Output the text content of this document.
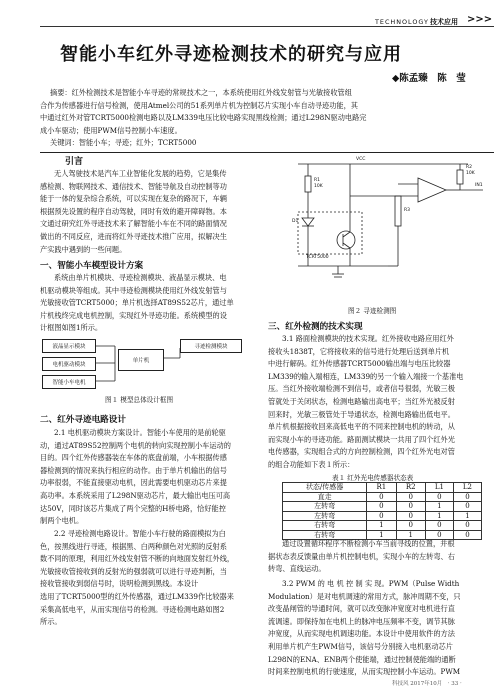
TECHNOLOGY 技术应用 >>>
智能小车红外寻迹检测技术的研究与应用
◆陈孟臻　陈　莹
摘要：红外检测技术是智能小车寻迹的常规技术之一，本系统使用红外线发射管与光敏接收管组
合作为传感器进行信号检测，使用Atmel公司的51系列单片机为控制芯片实现小车自动寻迹功能，其
中通过红外对管TCRT5000检测电路以及LM339电压比较电路实现黑线检测；通过L298N驱动电路完
成小车驱动；使用PWM信号控制小车速度。
关键词：智能小车；寻迹；红外；TCRT5000
引言
无人驾驶技术是汽车工业智能化发展的趋势，它是集传
感检测、物联网技术、通信技术、智能导航及自动控制等功
能于一体的复杂综合系统，可以实现在复杂的路况下，车辆
根据预先设置的程序自动驾驶，同时有效的避开障碍物。本
文通过研究红外寻迹技术来了解智能小车在不同的路面情况
做出的不同反应，进而将红外寻迹技术推广应用，拟解决生
产实践中遇到的一些问题。
一、智能小车模型设计方案
系统由单片机模块、寻迹检测模块、液晶显示模块、电
机驱动模块等组成。其中寻迹检测模块使用红外线发射管与
光敏接收管TCRT5000；单片机选择AT89S52芯片，通过单
片机栈终完成电机控制，实现红外寻迹功能。系统模型的设
计框图如图1所示。
液晶显示模块
电机驱动模块
智能小车电机
单片机
寻迹检测模块
图１ 模型总体设计框图
二、红外寻迹电路设计
2.1 电机驱动模块方案设计。智能小车使用的是前轮驱
动，通过AT89S52控制两个电机的转向实现控制小车运动的
目的。四个红外传感器装在车体的底盘前端，小车根据传感
器检测到的情况来执行相应的动作。由于单片机输出的信号
功率很弱，不能直接驱动电机，因此需要电机驱动芯片来提
高功率。本系统采用了L298N驱动芯片，最大输出电压可高
达50V，同时该芯片集成了两个完整的H桥电路，恰好能控
制两个电机。
2.2 寻迹检测电路设计。智能小车行驶的路面模拟为白
色，按黑线进行寻迹，根据黑、白两种颜色对光照的反射系
数不同的原理，利用红外线发射管不断的向地面发射红外线，
光敏接收管接收到的反射光的强弱就可以进行寻迹判断，当
接收管接收到弱信号时，说明检测到黑线。本设计
选用了TCRT5000型的红外传感器，通过LM339作比较器来
采集高低电平，从而实现信号的检测。寻迹检测电路如图2
所示。
R2
10K
VCC
R1
10K
D1
TCRT5000
R3
IN1
图２ 寻迹检测图
三、红外检测的技术实现
3.1 路面检测模块的技术实现。红外接收电路应用红外
接收头1838T，它将接收来的信号进行处理后送到单片机
中进行解码。红外传感器TCRT5000输出端与电压比较器
LM339的输入端相连，LM339的另一个输入端接一个基准电
压。当红外接收端检测不到信号，或者信号很弱，光敏三极
管就处于关闭状态，检测电路输出高电平；当红外光被反射
回来时，光敏三极管处于导通状态，检测电路输出低电平。
单片机根据接收回来高低电平的不同来控制电机的转动，从
而实现小车的寻迹功能。路面测试模块一共用了四个红外光
电传感器，实现组合式的方向控制检测，四个红外光电对管
的组合功能如下表１所示：
表１ 红外光电传感器状态表
状态/传感器	R1	R2	L1	L2
直走	0	0	0	0
左转弯	0	0	1	0
左转弯	0	0	1	1
右转弯	1	0	0	0
右转弯	1	1	0	0
通过设置循环程序不断检测小车当前寻线的位置，并根
据状态表反馈量由单片机控制电机，实现小车的左转弯、右
转弯、直线运动。
3.2 PWM 的 电 机 控 制 实 现。PWM（Pulse Width
Modulation）是对电机调速的常用方式，脉冲周期不变，只
改变晶闸管的导通时间，就可以改变脉冲宽度对电机进行直
流调速。即保持加在电机上的脉冲电压频率不变，调节其脉
冲宽度，从而实现电机调速功能。本设计中使用软件的方法
利用单片机产生PWM信号，该信号分别接入电机驱动芯片
L298N的ENA、ENB两个使能端，通过控制使能端的通断
时间来控制电机的行驶速度，从而实现控制小车运动。PWM
科技风 2017年10月　· 33 ·
